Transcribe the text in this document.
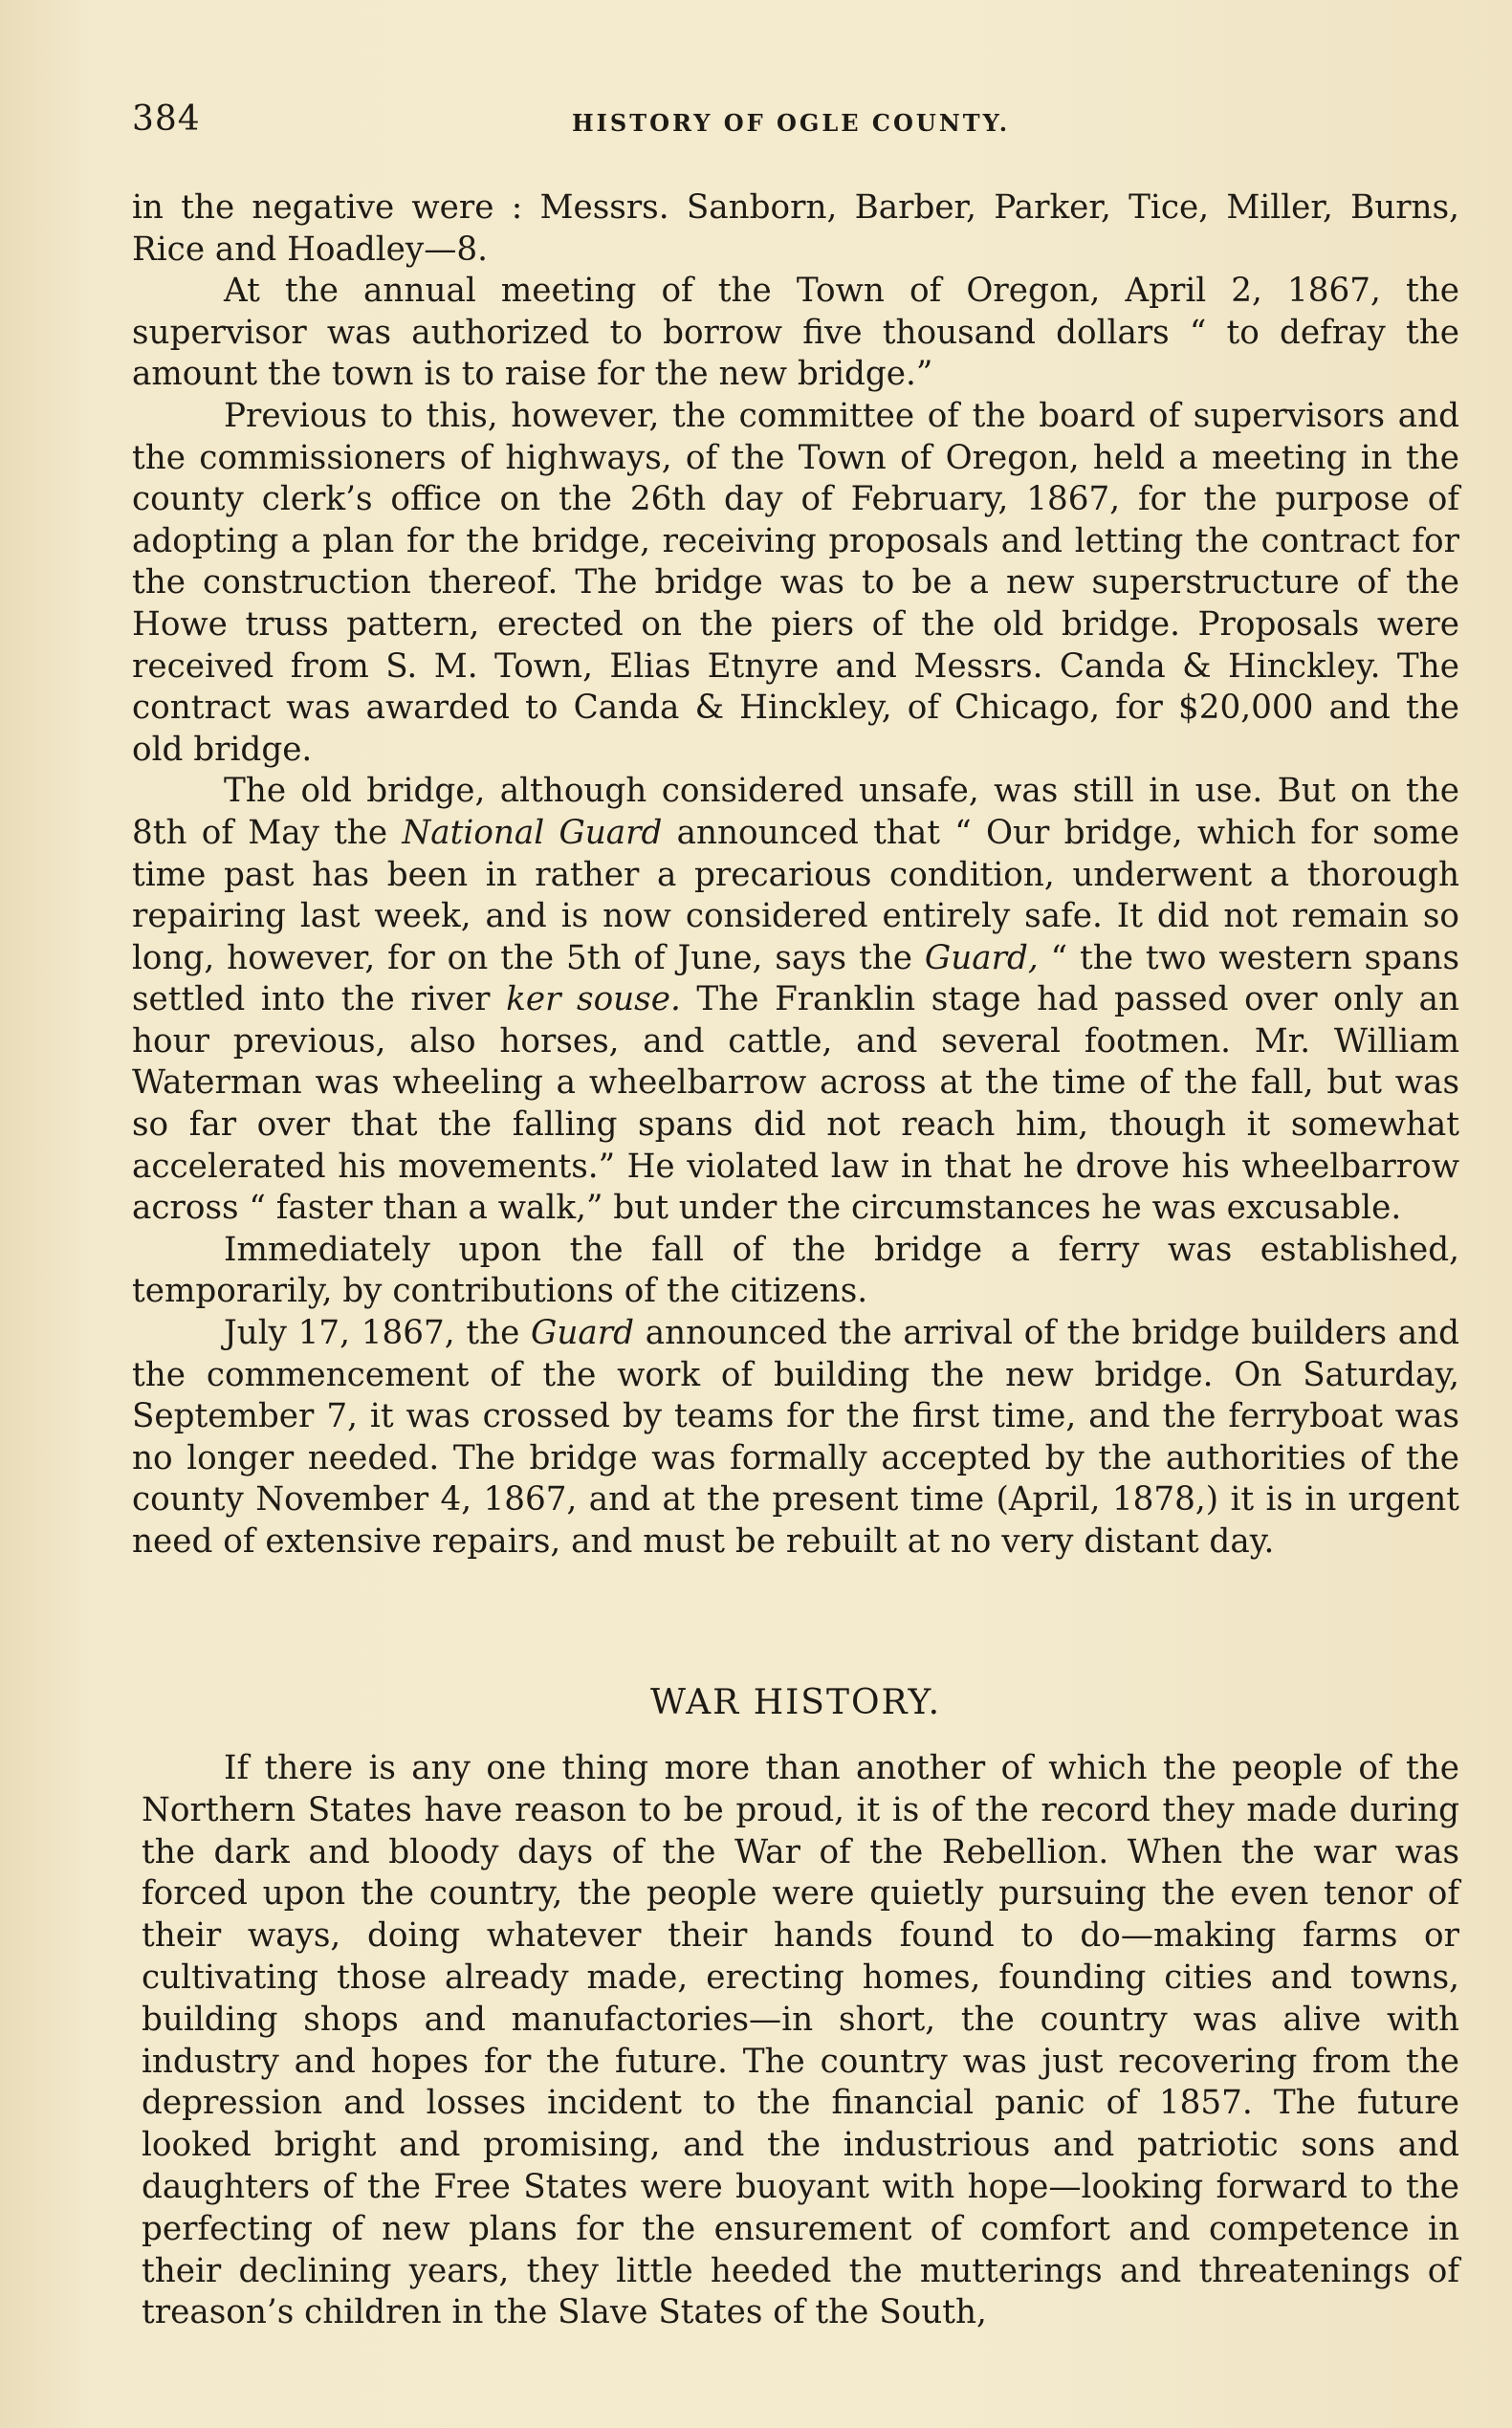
384	HISTORY OF OGLE COUNTY.

in the negative were : Messrs. Sanborn, Barber, Parker, Tice, Miller, Burns, Rice and Hoadley—8.

At the annual meeting of the Town of Oregon, April 2, 1867, the supervisor was authorized to borrow five thousand dollars “ to defray the amount the town is to raise for the new bridge.”

Previous to this, however, the committee of the board of supervisors and the commissioners of highways, of the Town of Oregon, held a meeting in the county clerk’s office on the 26th day of February, 1867, for the purpose of adopting a plan for the bridge, receiving proposals and letting the contract for the construction thereof. The bridge was to be a new superstructure of the Howe truss pattern, erected on the piers of the old bridge. Proposals were received from S. M. Town, Elias Etnyre and Messrs. Canda & Hinckley. The contract was awarded to Canda & Hinckley, of Chicago, for $20,000 and the old bridge.

The old bridge, although considered unsafe, was still in use. But on the 8th of May the National Guard announced that “ Our bridge, which for some time past has been in rather a precarious condition, underwent a thorough repairing last week, and is now considered entirely safe. It did not remain so long, however, for on the 5th of June, says the Guard, “ the two western spans settled into the river ker souse. The Franklin stage had passed over only an hour previous, also horses, and cattle, and several footmen. Mr. William Waterman was wheeling a wheelbarrow across at the time of the fall, but was so far over that the falling spans did not reach him, though it somewhat accelerated his movements.” He violated law in that he drove his wheelbarrow across “ faster than a walk,” but under the circumstances he was excusable.

Immediately upon the fall of the bridge a ferry was established, temporarily, by contributions of the citizens.

July 17, 1867, the Guard announced the arrival of the bridge builders and the commencement of the work of building the new bridge. On Saturday, September 7, it was crossed by teams for the first time, and the ferryboat was no longer needed. The bridge was formally accepted by the authorities of the county November 4, 1867, and at the present time (April, 1878,) it is in urgent need of extensive repairs, and must be rebuilt at no very distant day.

WAR HISTORY.

If there is any one thing more than another of which the people of the Northern States have reason to be proud, it is of the record they made during the dark and bloody days of the War of the Rebellion. When the war was forced upon the country, the people were quietly pursuing the even tenor of their ways, doing whatever their hands found to do—making farms or cultivating those already made, erecting homes, founding cities and towns, building shops and manufactories—in short, the country was alive with industry and hopes for the future. The country was just recovering from the depression and losses incident to the financial panic of 1857. The future looked bright and promising, and the industrious and patriotic sons and daughters of the Free States were buoyant with hope—looking forward to the perfecting of new plans for the ensurement of comfort and competence in their declining years, they little heeded the mutterings and threatenings of treason’s children in the Slave States of the South,
